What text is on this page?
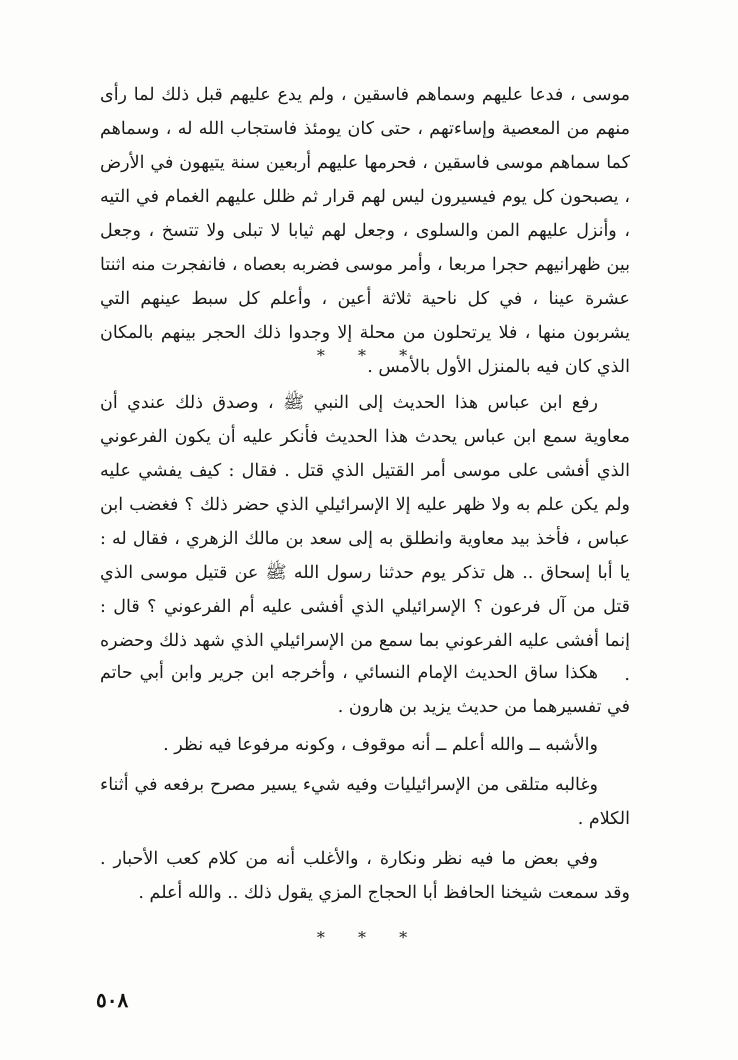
موسى ، فدعا عليهم وسماهم فاسقين ، ولم يدع عليهم قبل ذلك لما رأى منهم من المعصية وإساءتهم ، حتى كان يومئذ فاستجاب الله له ، وسماهم كما سماهم موسى فاسقين ، فحرمها عليهم أربعين سنة يتيهون في الأرض ، يصبحون كل يوم فيسيرون ليس لهم قرار ثم ظلل عليهم الغمام في التيه ، وأنزل عليهم المن والسلوى ، وجعل لهم ثيابا لا تبلى ولا تتسخ ، وجعل بين ظهرانيهم حجرا مربعا ، وأمر موسى فضربه بعصاه ، فانفجرت منه اثنتا عشرة عينا ، في كل ناحية ثلاثة أعين ، وأعلم كل سبط عينهم التي يشربون منها ، فلا يرتحلون من محلة إلا وجدوا ذلك الحجر بينهم بالمكان الذي كان فيه بالمنزل الأول بالأمس .

* * *

رفع ابن عباس هذا الحديث إلى النبي ﷺ ، وصدق ذلك عندي أن معاوية سمع ابن عباس يحدث هذا الحديث فأنكر عليه أن يكون الفرعوني الذي أفشى على موسى أمر القتيل الذي قتل . فقال : كيف يفشي عليه ولم يكن علم به ولا ظهر عليه إلا الإسرائيلي الذي حضر ذلك ؟ فغضب ابن عباس ، فأخذ بيد معاوية وانطلق به إلى سعد بن مالك الزهري ، فقال له : يا أبا إسحاق .. هل تذكر يوم حدثنا رسول الله ﷺ عن قتيل موسى الذي قتل من آل فرعون ؟ الإسرائيلي الذي أفشى عليه أم الفرعوني ؟ قال : إنما أفشى عليه الفرعوني بما سمع من الإسرائيلي الذي شهد ذلك وحضره .

هكذا ساق الحديث الإمام النسائي ، وأخرجه ابن جرير وابن أبي حاتم في تفسيرهما من حديث يزيد بن هارون .

والأشبه ــ والله أعلم ــ أنه موقوف ، وكونه مرفوعا فيه نظر .

وغالبه متلقى من الإسرائيليات وفيه شيء يسير مصرح برفعه في أثناء الكلام .

وفي بعض ما فيه نظر ونكارة ، والأغلب أنه من كلام كعب الأحبار . وقد سمعت شيخنا الحافظ أبا الحجاج المزي يقول ذلك .. والله أعلم .

* * *
٥٠٨
